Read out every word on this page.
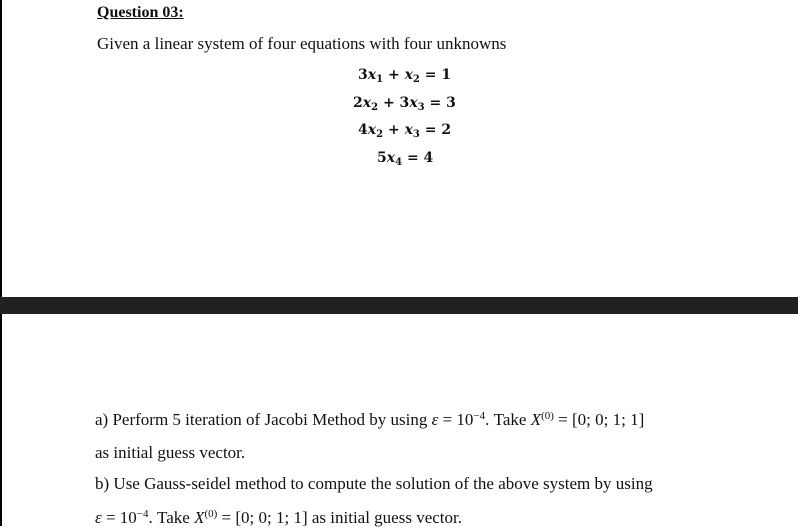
Question 03:
Given a linear system of four equations with four unknowns
$3x_1 + x_2 = 1$
$2x_2 + 3x_3 = 3$
$4x_2 + x_3 = 2$
$5x_4 = 4$
a) Perform 5 iteration of Jacobi Method by using $\varepsilon = 10^{-4}$. Take $X^{(0)} = [0$; 0; 1; 1]
as initial guess vector.
b) Use Gauss-seidel method to compute the solution of the above system by using
$\varepsilon = 10^{-4}$. Take $X^{(0)} = [0$; 0; 1; 1] as initial guess vector.
